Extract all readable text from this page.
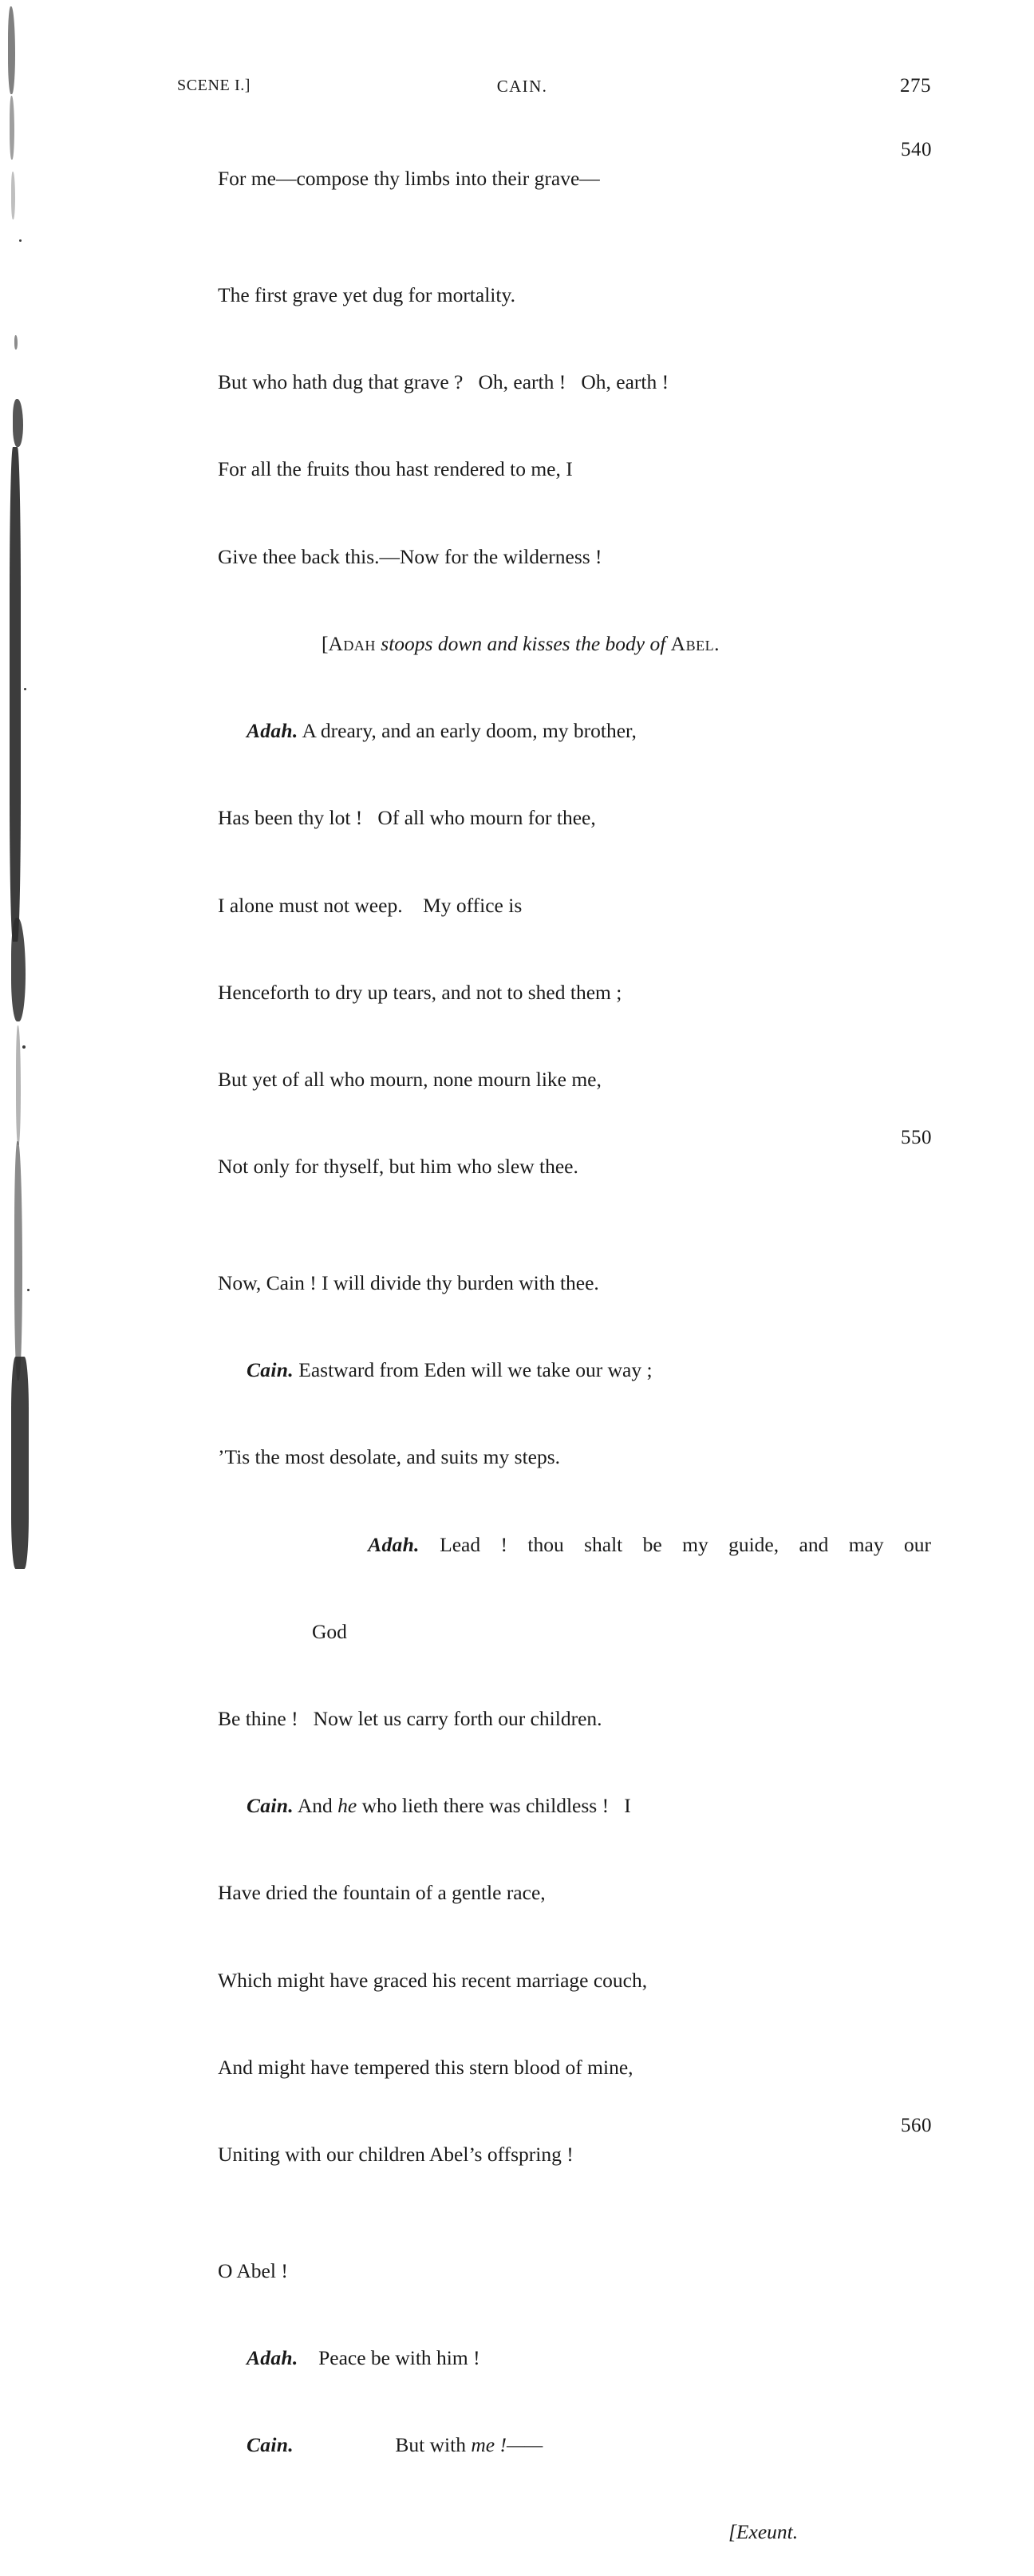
SCENE I.]	CAIN.	275

For me—compose thy limbs into their grave—

540

The first grave yet dug for mortality.

But who hath dug that grave ?   Oh, earth !   Oh, earth !

For all the fruits thou hast rendered to me, I

Give thee back this.—Now for the wilderness !

[Adah stoops down and kisses the body of Abel.

Adah. A dreary, and an early doom, my brother,

Has been thy lot !   Of all who mourn for thee,

I alone must not weep.    My office is

Henceforth to dry up tears, and not to shed them ;

But yet of all who mourn, none mourn like me,

Not only for thyself, but him who slew thee.

550

Now, Cain ! I will divide thy burden with thee.

Cain. Eastward from Eden will we take our way ;

’Tis the most desolate, and suits my steps.

Adah. Lead ! thou shalt be my guide, and may our

God

Be thine !   Now let us carry forth our children.

Cain. And he who lieth there was childless !   I

Have dried the fountain of a gentle race,

Which might have graced his recent marriage couch,

And might have tempered this stern blood of mine,

Uniting with our children Abel’s offspring !

560

O Abel !

Adah.    Peace be with him !

Cain.                    But with me !——

[Exeunt.
